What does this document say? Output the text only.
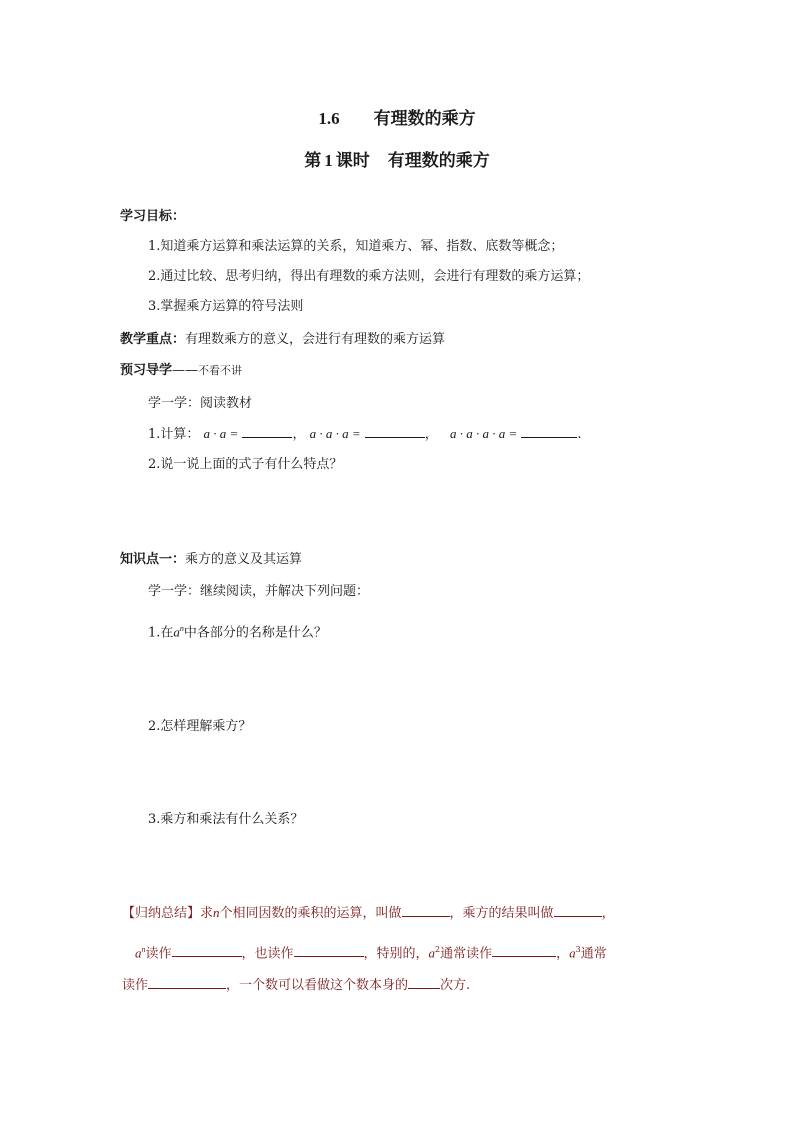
1.6 有理数的乘方
第 1 课时 有理数的乘方
学习目标：
1.知道乘方运算和乘法运算的关系，知道乘方、幂、指数、底数等概念；
2.通过比较、思考归纳，得出有理数的乘方法则，会进行有理数的乘方运算；
3.掌握乘方运算的符号法则
教学重点：有理数乘方的意义，会进行有理数的乘方运算
预习导学——不看不讲
学一学：阅读教材
1.计算： a · a =	， a · a · a =	， a · a · a · a =	.
2.说一说上面的式子有什么特点？
知识点一：乘方的意义及其运算
学一学：继续阅读，并解决下列问题：
1.在$a^n$中各部分的名称是什么？
2.怎样理解乘方？
3.乘方和乘法有什么关系？
【归纳总结】求n个相同因数的乘积的运算，叫做	，乘方的结果叫做	，
$a^n$读作	，也读作	，特别的，$a^2$通常读作	，$a^3$通常
读作	，一个数可以看做这个数本身的 次方.
